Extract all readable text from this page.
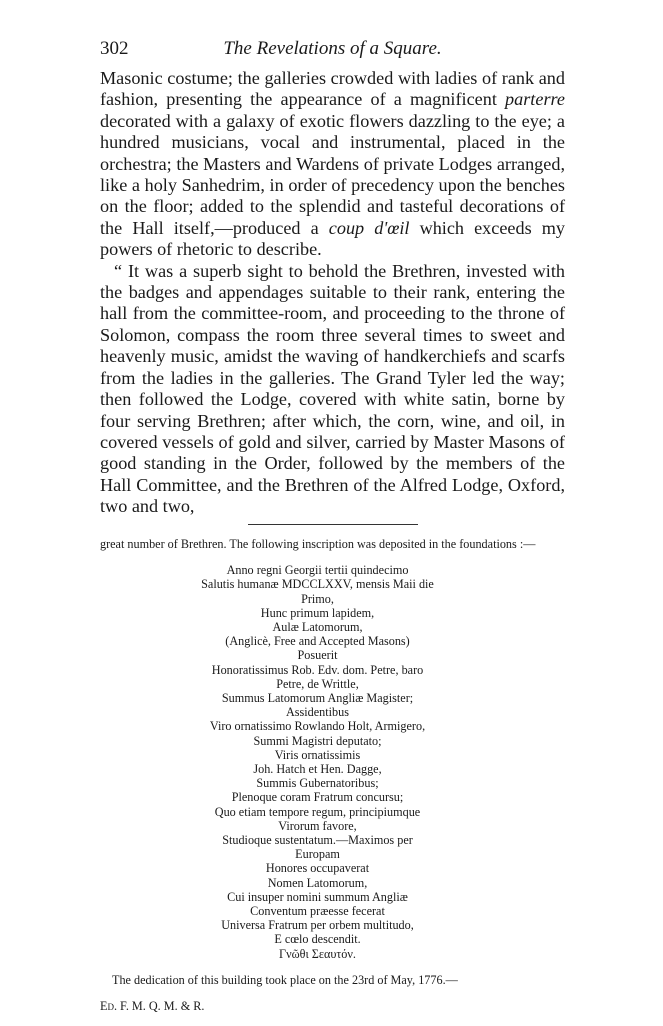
302	The Revelations of a Square.

Masonic costume; the galleries crowded with ladies of rank and fashion, presenting the appearance of a magnificent parterre decorated with a galaxy of exotic flowers dazzling to the eye; a hundred musicians, vocal and instrumental, placed in the orchestra; the Masters and Wardens of private Lodges arranged, like a holy Sanhedrim, in order of precedency upon the benches on the floor; added to the splendid and tasteful decorations of the Hall itself,—produced a coup d'œil which exceeds my powers of rhetoric to describe.

“ It was a superb sight to behold the Brethren, invested with the badges and appendages suitable to their rank, entering the hall from the committee-room, and proceeding to the throne of Solomon, compass the room three several times to sweet and heavenly music, amidst the waving of handkerchiefs and scarfs from the ladies in the galleries. The Grand Tyler led the way; then followed the Lodge, covered with white satin, borne by four serving Brethren; after which, the corn, wine, and oil, in covered vessels of gold and silver, carried by Master Masons of good standing in the Order, followed by the members of the Hall Committee, and the Brethren of the Alfred Lodge, Oxford, two and two,

great number of Brethren. The following inscription was deposited in the foundations :—

Anno regni Georgii tertii quindecimo
Salutis humanæ MDCCLXXV, mensis Maii die
Primo,
Hunc primum lapidem,
Aulæ Latomorum,
(Anglicè, Free and Accepted Masons)
Posuerit
Honoratissimus Rob. Edv. dom. Petre, baro
Petre, de Writtle,
Summus Latomorum Angliæ Magister;
Assidentibus
Viro ornatissimo Rowlando Holt, Armigero,
Summi Magistri deputato;
Viris ornatissimis
Joh. Hatch et Hen. Dagge,
Summis Gubernatoribus;
Plenoque coram Fratrum concursu;
Quo etiam tempore regum, principiumque
Virorum favore,
Studioque sustentatum.—Maximos per
Europam
Honores occupaverat
Nomen Latomorum,
Cui insuper nomini summum Angliæ
Conventum præesse fecerat
Universa Fratrum per orbem multitudo,
E cœlo descendit.
Γνῶθι Σεαυτόν.

The dedication of this building took place on the 23rd of May, 1776.—

Ed. F. M. Q. M. & R.
